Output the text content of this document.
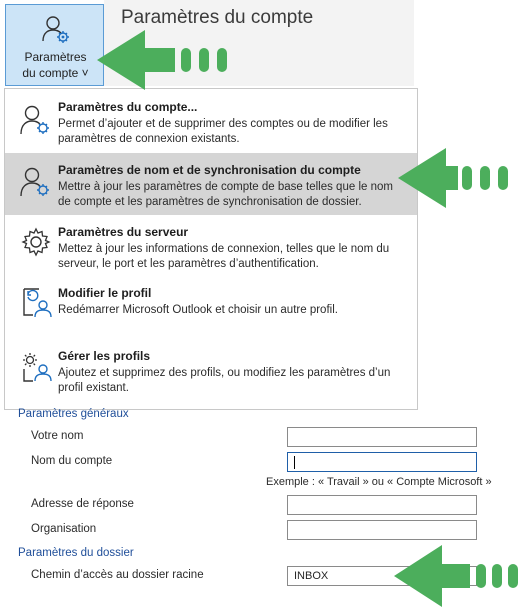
Paramètres
du compte ˅
Paramètres du compte
Paramètres du compte...
Permet d’ajouter et de supprimer des comptes ou de modifier les paramètres de connexion existants.
Paramètres de nom et de synchronisation du compte
Mettre à jour les paramètres de compte de base telles que le nom de compte et les paramètres de synchronisation de dossier.
Paramètres du serveur
Mettez à jour les informations de connexion, telles que le nom du serveur, le port et les paramètres d’authentification.
Modifier le profil
Redémarrer Microsoft Outlook et choisir un autre profil.
Gérer les profils
Ajoutez et supprimez des profils, ou modifiez les paramètres d’un profil existant.
Paramètres généraux
Votre nom
Nom du compte
Exemple : « Travail » ou « Compte Microsoft »
Adresse de réponse
Organisation
Paramètres du dossier
Chemin d’accès au dossier racine	INBOX
